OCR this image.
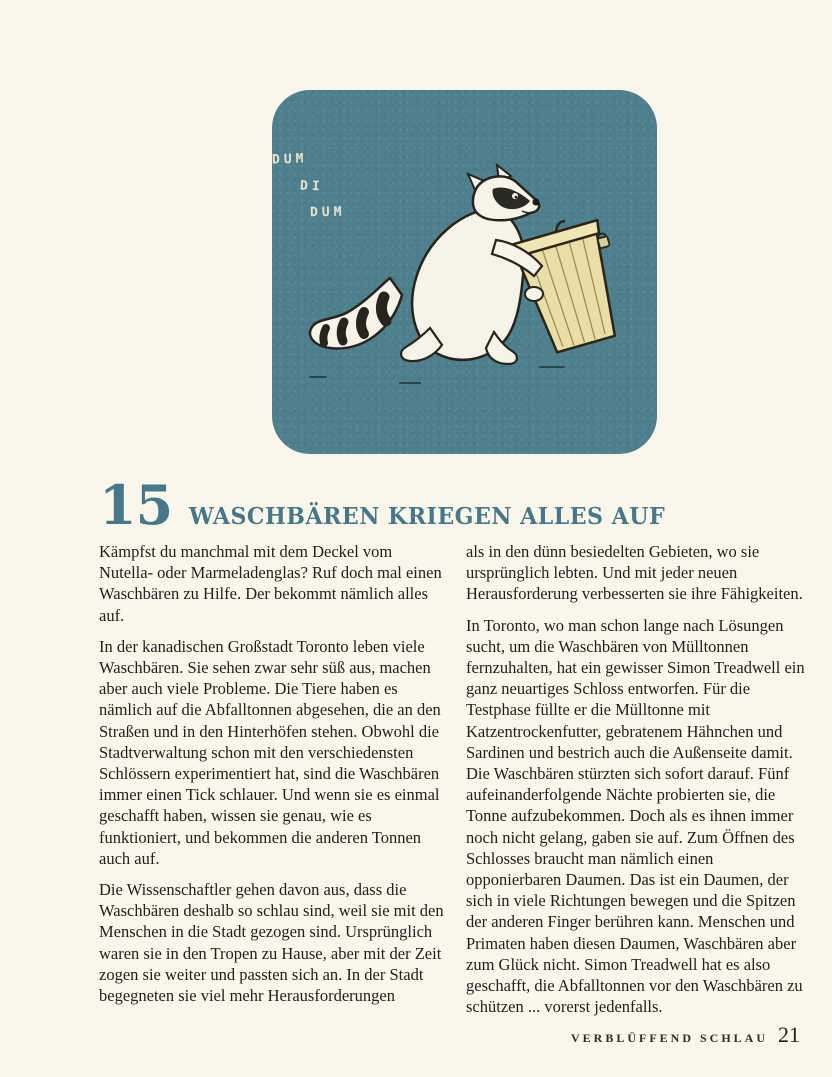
DUM
DI
DUM
15 WASCHBÄREN KRIEGEN ALLES AUF

Kämpfst du manchmal mit dem Deckel vom Nutella- oder Marmeladenglas? Ruf doch mal einen Waschbären zu Hilfe. Der bekommt nämlich alles auf.

In der kanadischen Großstadt Toronto leben viele Waschbären. Sie sehen zwar sehr süß aus, machen aber auch viele Probleme. Die Tiere haben es nämlich auf die Abfalltonnen abgesehen, die an den Straßen und in den Hinterhöfen stehen. Obwohl die Stadtverwaltung schon mit den verschiedensten Schlössern experimentiert hat, sind die Waschbären immer einen Tick schlauer. Und wenn sie es einmal geschafft haben, wissen sie genau, wie es funktioniert, und bekommen die anderen Tonnen auch auf.

Die Wissenschaftler gehen davon aus, dass die Waschbären deshalb so schlau sind, weil sie mit den Menschen in die Stadt gezogen sind. Ursprünglich waren sie in den Tropen zu Hause, aber mit der Zeit zogen sie weiter und passten sich an. In der Stadt begegneten sie viel mehr Herausforderungen

als in den dünn besiedelten Gebieten, wo sie ursprünglich lebten. Und mit jeder neuen Herausforderung verbesserten sie ihre Fähigkeiten.

In Toronto, wo man schon lange nach Lösungen sucht, um die Waschbären von Mülltonnen fernzuhalten, hat ein gewisser Simon Treadwell ein ganz neuartiges Schloss entworfen. Für die Testphase füllte er die Mülltonne mit Katzentrockenfutter, gebratenem Hähnchen und Sardinen und bestrich auch die Außenseite damit. Die Waschbären stürzten sich sofort darauf. Fünf aufeinanderfolgende Nächte probierten sie, die Tonne aufzubekommen. Doch als es ihnen immer noch nicht gelang, gaben sie auf. Zum Öffnen des Schlosses braucht man nämlich einen opponierbaren Daumen. Das ist ein Daumen, der sich in viele Richtungen bewegen und die Spitzen der anderen Finger berühren kann. Menschen und Primaten haben diesen Daumen, Waschbären aber zum Glück nicht. Simon Treadwell hat es also geschafft, die Abfalltonnen vor den Waschbären zu schützen ... vorerst jedenfalls.

VERBLÜFFEND SCHLAU 21
